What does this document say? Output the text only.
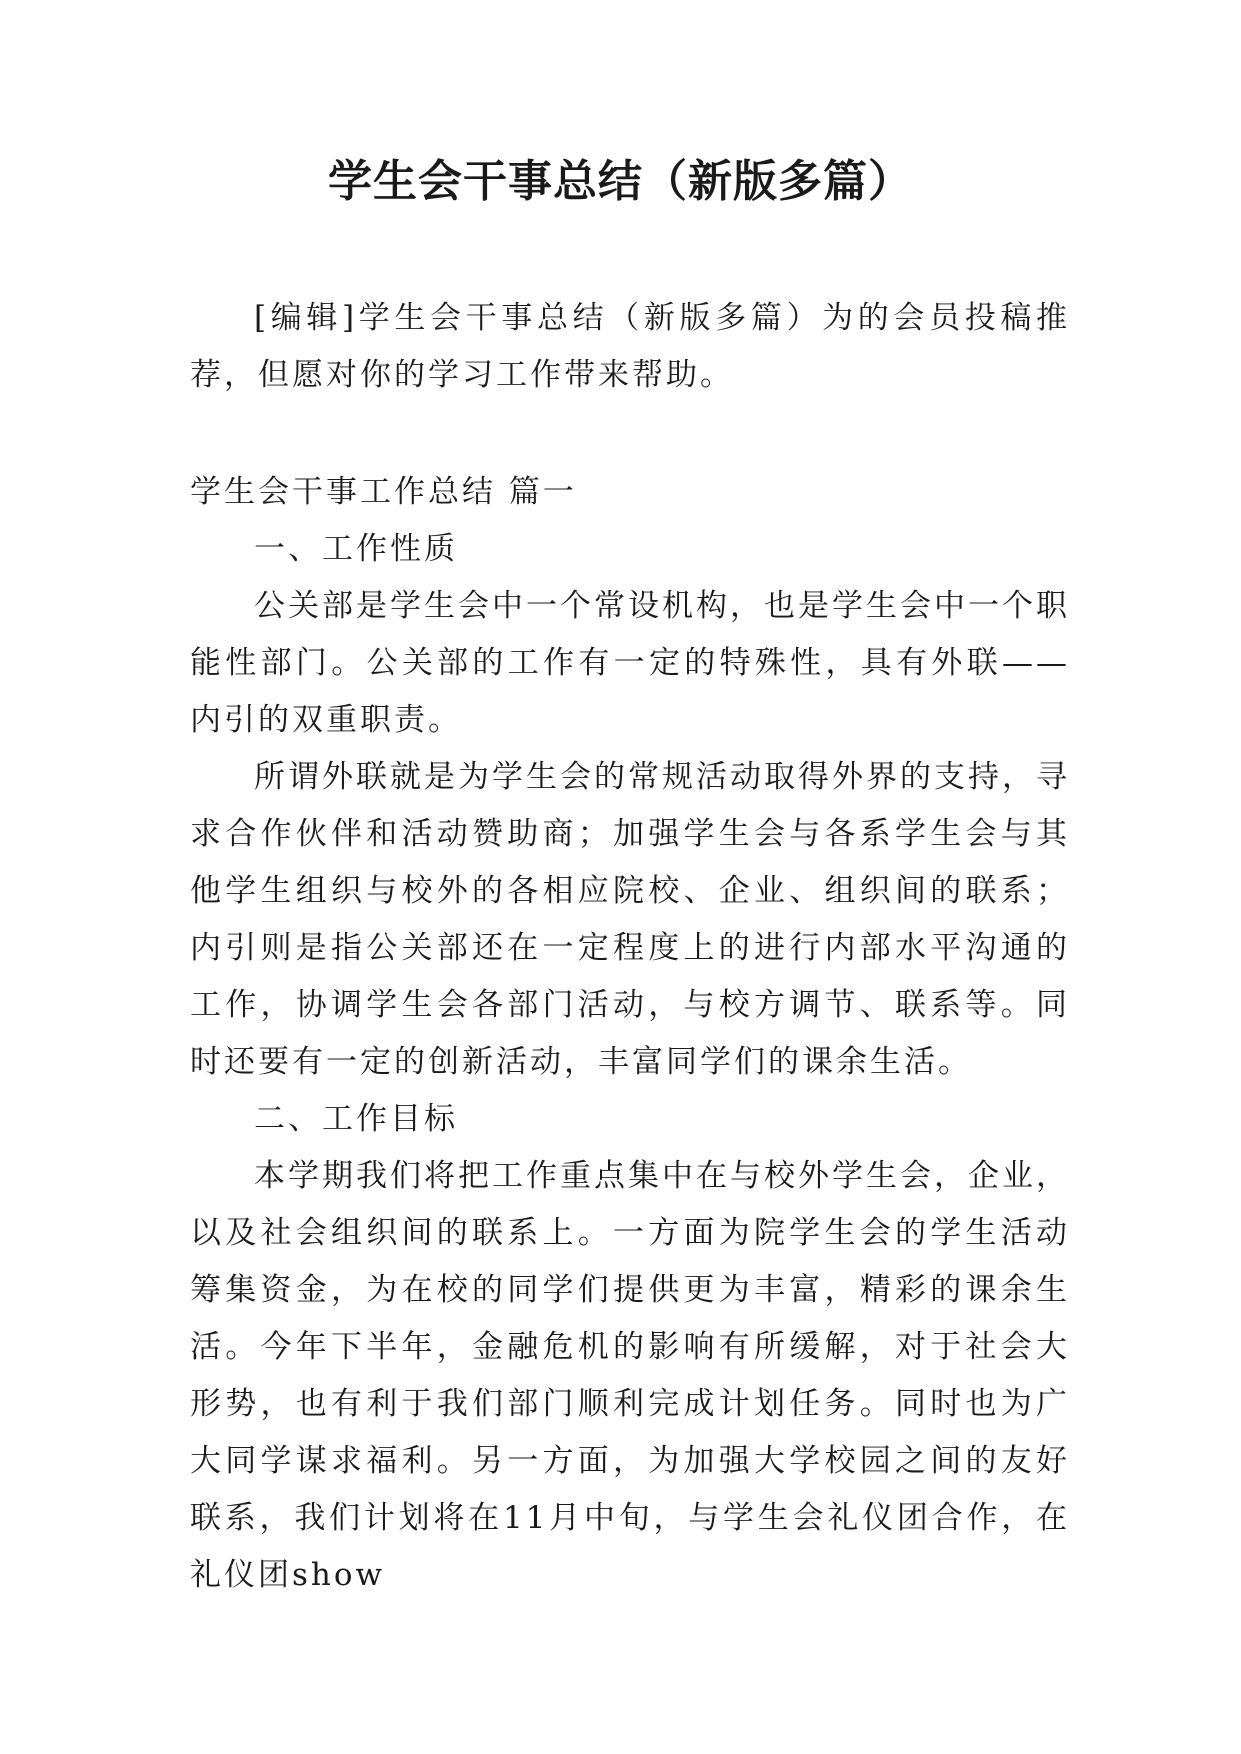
学生会干事总结（新版多篇）

[编辑]学生会干事总结（新版多篇）为的会员投稿推荐，但愿对你的学习工作带来帮助。

学生会干事工作总结 篇一

一、工作性质

公关部是学生会中一个常设机构，也是学生会中一个职能性部门。公关部的工作有一定的特殊性，具有外联——内引的双重职责。

所谓外联就是为学生会的常规活动取得外界的支持，寻求合作伙伴和活动赞助商；加强学生会与各系学生会与其他学生组织与校外的各相应院校、企业、组织间的联系；内引则是指公关部还在一定程度上的进行内部水平沟通的工作，协调学生会各部门活动，与校方调节、联系等。同时还要有一定的创新活动，丰富同学们的课余生活。

二、工作目标

本学期我们将把工作重点集中在与校外学生会，企业，以及社会组织间的联系上。一方面为院学生会的学生活动筹集资金，为在校的同学们提供更为丰富，精彩的课余生活。今年下半年，金融危机的影响有所缓解，对于社会大形势，也有利于我们部门顺利完成计划任务。同时也为广大同学谋求福利。另一方面，为加强大学校园之间的友好联系，我们计划将在11月中旬，与学生会礼仪团合作，在礼仪团show
